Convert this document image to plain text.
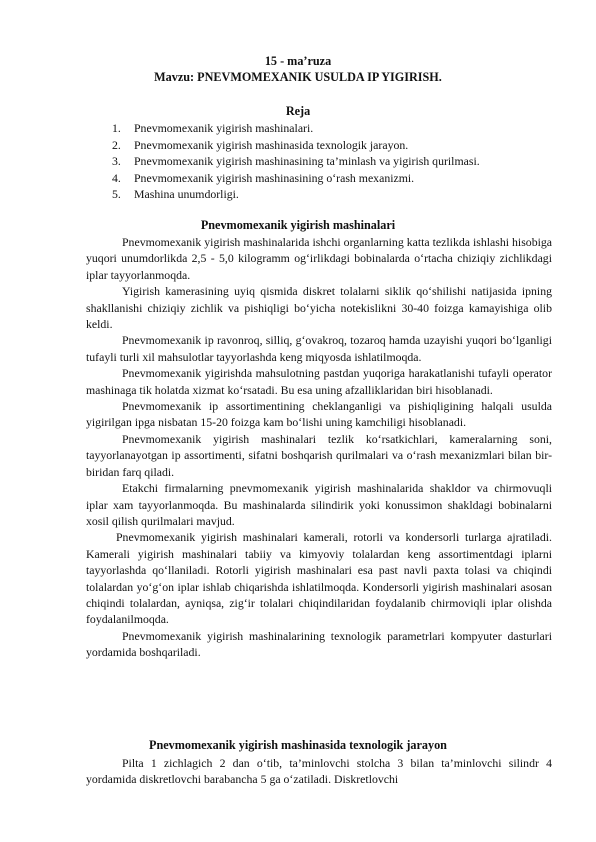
15 - ma’ruza
Mavzu: PNEVMOMEXANIK USULDA IP YIGIRISH.
Reja
1. Pnevmomexanik yigirish mashinalari.
2. Pnevmomexanik yigirish mashinasida texnologik jarayon.
3. Pnevmomexanik yigirish mashinasining ta’minlash va yigirish qurilmasi.
4. Pnevmomexanik yigirish mashinasining o‘rash mexanizmi.
5. Mashina unumdorligi.
Pnevmomexanik yigirish mashinalari

Pnevmomexanik yigirish mashinalarida ishchi organlarning katta tezlikda ishlashi hisobiga yuqori unumdorlikda 2,5 - 5,0 kilogramm og‘irlikdagi bobinalarda o‘rtacha chiziqiy zichlikdagi iplar tayyorlanmoqda.

Yigirish kamerasining uyiq qismida diskret tolalarni siklik qo‘shilishi natijasida ipning shakllanishi chiziqiy zichlik va pishiqligi bo‘yicha notekislikni 30-40 foizga kamayishiga olib keldi.

Pnevmomexanik ip ravonroq, silliq, g‘ovakroq, tozaroq hamda uzayishi yuqori bo‘lganligi tufayli turli xil mahsulotlar tayyorlashda keng miqyosda ishlatilmoqda.

Pnevmomexanik yigirishda mahsulotning pastdan yuqoriga harakatlanishi tufayli operator mashinaga tik holatda xizmat ko‘rsatadi. Bu esa uning afzalliklaridan biri hisoblanadi.

Pnevmomexanik ip assortimentining cheklanganligi va pishiqligining halqali usulda yigirilgan ipga nisbatan 15-20 foizga kam bo‘lishi uning kamchiligi hisoblanadi.

Pnevmomexanik yigirish mashinalari tezlik ko‘rsatkichlari, kameralarning soni, tayyorlanayotgan ip assortimenti, sifatni boshqarish qurilmalari va o‘rash mexanizmlari bilan bir-biridan farq qiladi.

Etakchi firmalarning pnevmomexanik yigirish mashinalarida shakldor va chirmovuqli iplar xam tayyorlanmoqda. Bu mashinalarda silindirik yoki konussimon shakldagi bobinalarni xosil qilish qurilmalari mavjud.

Pnevmomexanik yigirish mashinalari kamerali, rotorli va kondersorli turlarga ajratiladi. Kamerali yigirish mashinalari tabiiy va kimyoviy tolalardan keng assortimentdagi iplarni tayyorlashda qo‘llaniladi. Rotorli yigirish mashinalari esa past navli paxta tolasi va chiqindi tolalardan yo‘g‘on iplar ishlab chiqarishda ishlatilmoqda. Kondersorli yigirish mashinalari asosan chiqindi tolalardan, ayniqsa, zig‘ir tolalari chiqindilaridan foydalanib chirmoviqli iplar olishda foydalanilmoqda.

Pnevmomexanik yigirish mashinalarining texnologik parametrlari kompyuter dasturlari yordamida boshqariladi.

Pnevmomexanik yigirish mashinasida texnologik jarayon

Pilta 1 zichlagich 2 dan o‘tib, ta’minlovchi stolcha 3 bilan ta’minlovchi silindr 4 yordamida diskretlovchi barabancha 5 ga o‘zatiladi. Diskretlovchi
